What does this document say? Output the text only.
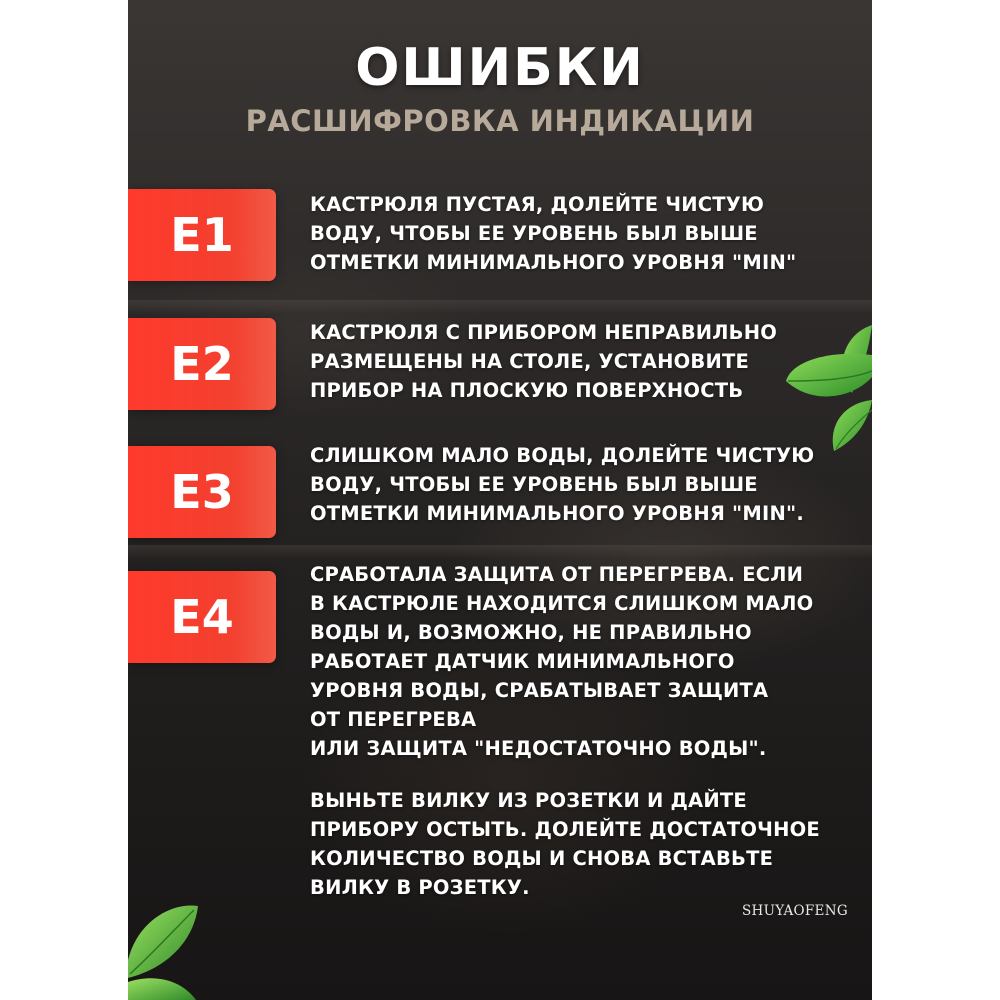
ОШИБКИ
РАСШИФРОВКА ИНДИКАЦИИ
E1
КАСТРЮЛЯ ПУСТАЯ, ДОЛЕЙТЕ ЧИСТУЮ
ВОДУ, ЧТОБЫ ЕЕ УРОВЕНЬ БЫЛ ВЫШЕ
ОТМЕТКИ МИНИМАЛЬНОГО УРОВНЯ "MIN"
E2
КАСТРЮЛЯ С ПРИБОРОМ НЕПРАВИЛЬНО
РАЗМЕЩЕНЫ НА СТОЛЕ, УСТАНОВИТЕ
ПРИБОР НА ПЛОСКУЮ ПОВЕРХНОСТЬ
E3
СЛИШКОМ МАЛО ВОДЫ, ДОЛЕЙТЕ ЧИСТУЮ
ВОДУ, ЧТОБЫ ЕЕ УРОВЕНЬ БЫЛ ВЫШЕ
ОТМЕТКИ МИНИМАЛЬНОГО УРОВНЯ "MIN".
E4
СРАБОТАЛА ЗАЩИТА ОТ ПЕРЕГРЕВА. ЕСЛИ
В КАСТРЮЛЕ НАХОДИТСЯ СЛИШКОМ МАЛО
ВОДЫ И, ВОЗМОЖНО, НЕ ПРАВИЛЬНО
РАБОТАЕТ ДАТЧИК МИНИМАЛЬНОГО
УРОВНЯ ВОДЫ, СРАБАТЫВАЕТ ЗАЩИТА
ОТ ПЕРЕГРЕВА
ИЛИ ЗАЩИТА "НЕДОСТАТОЧНО ВОДЫ".
ВЫНЬТЕ ВИЛКУ ИЗ РОЗЕТКИ И ДАЙТЕ
ПРИБОРУ ОСТЫТЬ. ДОЛЕЙТЕ ДОСТАТОЧНОЕ
КОЛИЧЕСТВО ВОДЫ И СНОВА ВСТАВЬТЕ
ВИЛКУ В РОЗЕТКУ.
SHUYAOFENG
